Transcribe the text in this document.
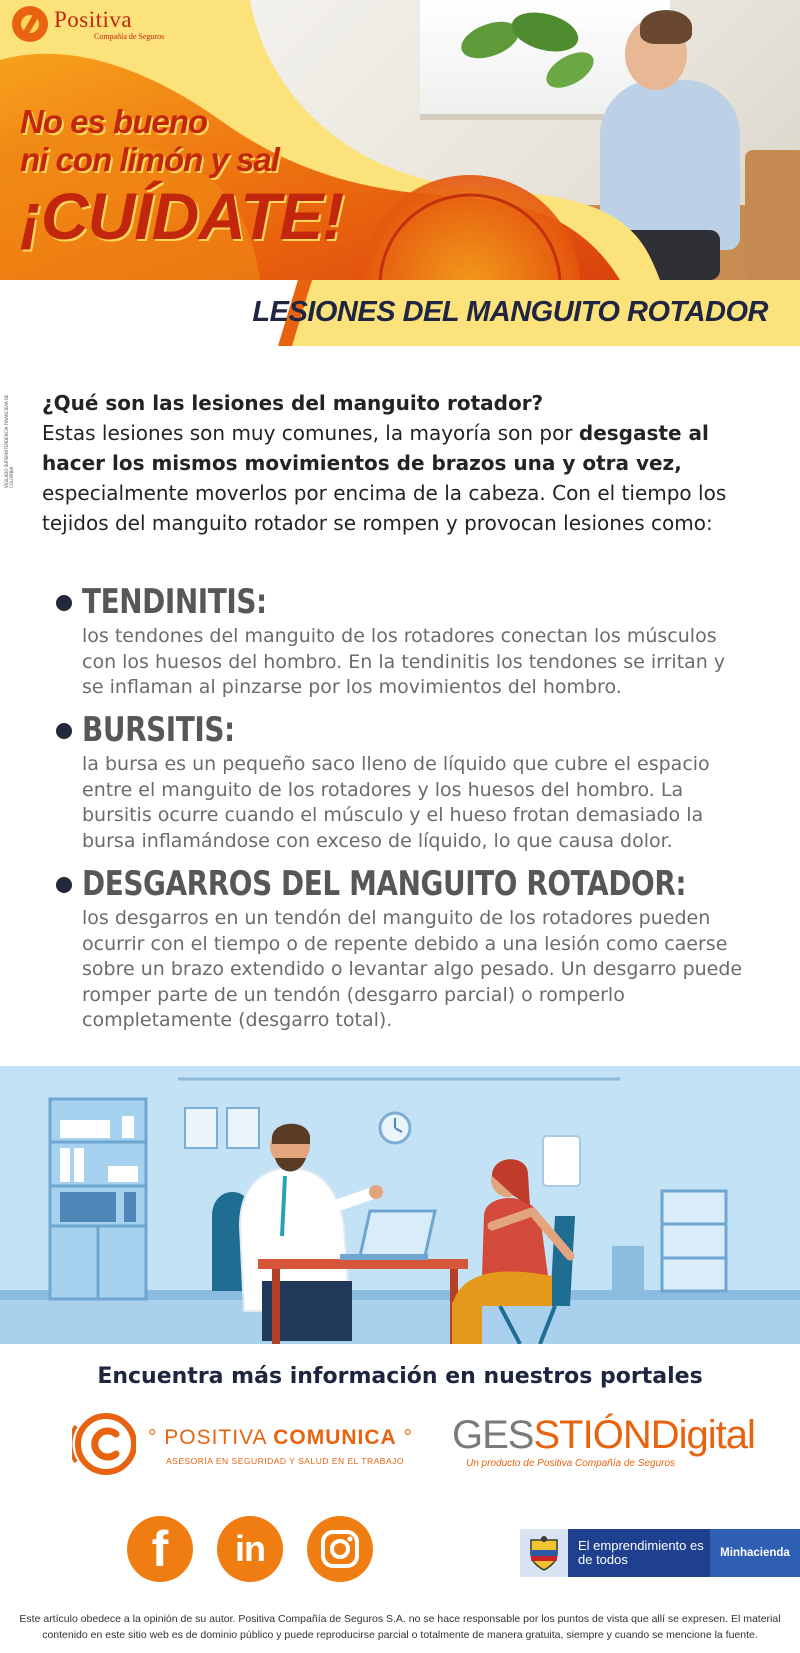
Positiva
Compañía de Seguros
No es bueno
ni con limón y sal
¡CUÍDATE!
LESIONES DEL MANGUITO ROTADOR
VIGILADO SUPERINTENDENCIA FINANCIERA DE COLOMBIA
¿Qué son las lesiones del manguito rotador?
Estas lesiones son muy comunes, la mayoría son por desgaste al hacer los mismos movimientos de brazos una y otra vez, especialmente moverlos por encima de la cabeza. Con el tiempo los tejidos del manguito rotador se rompen y provocan lesiones como:
TENDINITIS:
los tendones del manguito de los rotadores conectan los músculos con los huesos del hombro. En la tendinitis los tendones se irritan y se inflaman al pinzarse por los movimientos del hombro.
BURSITIS:
la bursa es un pequeño saco lleno de líquido que cubre el espacio entre el manguito de los rotadores y los huesos del hombro. La bursitis ocurre cuando el músculo y el hueso frotan demasiado la bursa inflamándose con exceso de líquido, lo que causa dolor.
DESGARROS DEL MANGUITO ROTADOR:
los desgarros en un tendón del manguito de los rotadores pueden ocurrir con el tiempo o de repente debido a una lesión como caerse sobre un brazo extendido o levantar algo pesado. Un desgarro puede romper parte de un tendón (desgarro parcial) o romperlo completamente (desgarro total).
Encuentra más información en nuestros portales
° POSITIVA COMUNICA °
ASESORÍA EN SEGURIDAD Y SALUD EN EL TRABAJO
GESSTIÓNDigital
Un producto de Positiva Compañía de Seguros
f	in	El emprendimiento es de todos	Minhacienda
Este artículo obedece a la opinión de su autor. Positiva Compañía de Seguros S.A. no se hace responsable por los puntos de vista que allí se expresen. El material contenido en este sitio web es de dominio público y puede reproducirse parcial o totalmente de manera gratuita, siempre y cuando se mencione la fuente.
